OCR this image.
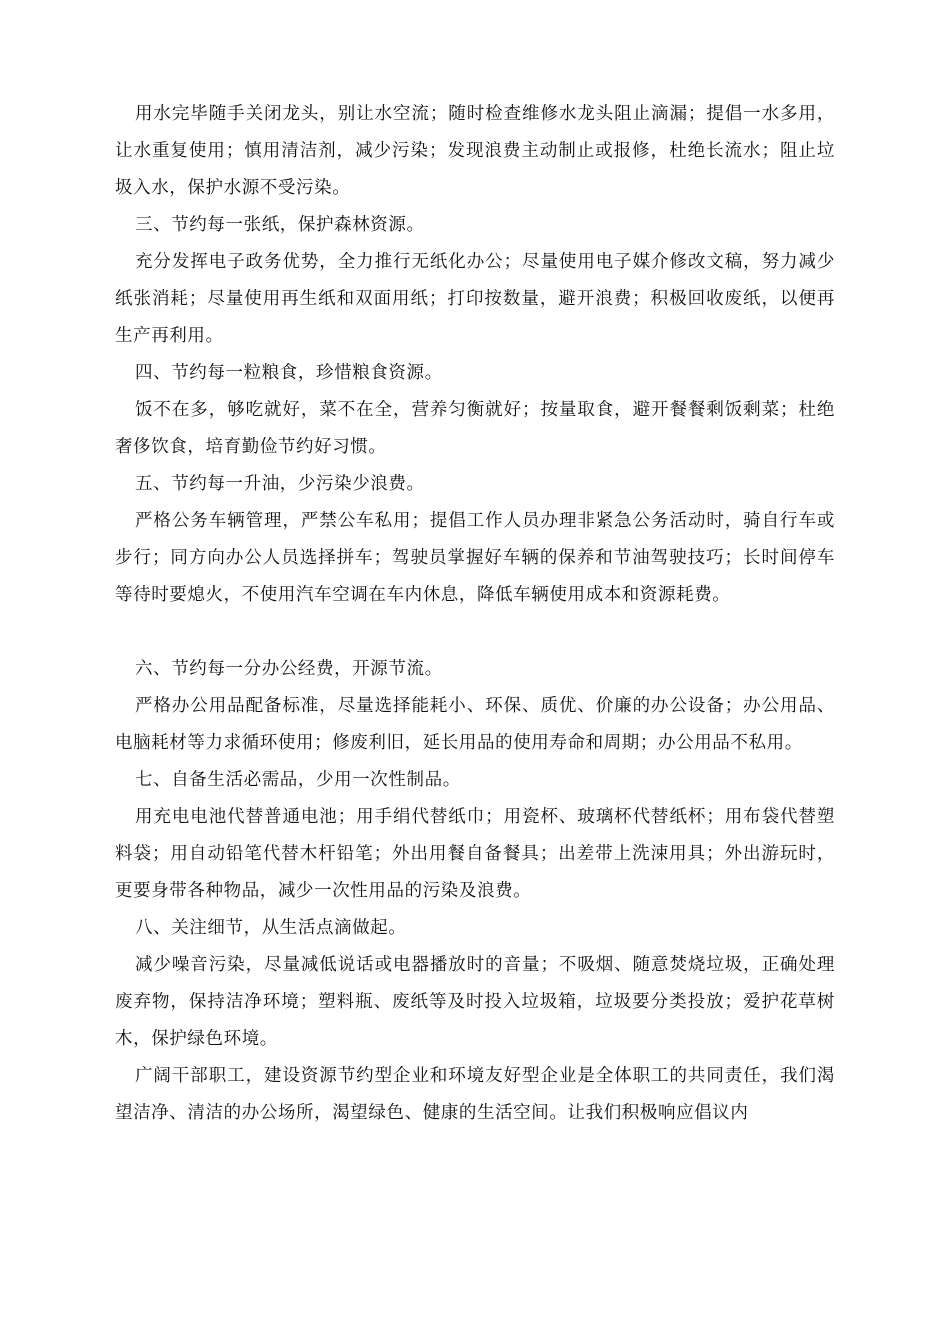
用水完毕随手关闭龙头，别让水空流；随时检查维修水龙头阻止滴漏；提倡一水多用，让水重复使用；慎用清洁剂，减少污染；发现浪费主动制止或报修，杜绝长流水；阻止垃圾入水，保护水源不受污染。

三、节约每一张纸，保护森林资源。

充分发挥电子政务优势，全力推行无纸化办公；尽量使用电子媒介修改文稿，努力减少纸张消耗；尽量使用再生纸和双面用纸；打印按数量，避开浪费；积极回收废纸，以便再生产再利用。

四、节约每一粒粮食，珍惜粮食资源。

饭不在多，够吃就好，菜不在全，营养匀衡就好；按量取食，避开餐餐剩饭剩菜；杜绝奢侈饮食，培育勤俭节约好习惯。

五、节约每一升油，少污染少浪费。

严格公务车辆管理，严禁公车私用；提倡工作人员办理非紧急公务活动时，骑自行车或步行；同方向办公人员选择拼车；驾驶员掌握好车辆的保养和节油驾驶技巧；长时间停车等待时要熄火，不使用汽车空调在车内休息，降低车辆使用成本和资源耗费。

六、节约每一分办公经费，开源节流。

严格办公用品配备标准，尽量选择能耗小、环保、质优、价廉的办公设备；办公用品、电脑耗材等力求循环使用；修废利旧，延长用品的使用寿命和周期；办公用品不私用。

七、自备生活必需品，少用一次性制品。

用充电电池代替普通电池；用手绢代替纸巾；用瓷杯、玻璃杯代替纸杯；用布袋代替塑料袋；用自动铅笔代替木杆铅笔；外出用餐自备餐具；出差带上洗涑用具；外出游玩时，更要身带各种物品，减少一次性用品的污染及浪费。

八、关注细节，从生活点滴做起。

减少噪音污染，尽量减低说话或电器播放时的音量；不吸烟、随意焚烧垃圾，正确处理废弃物，保持洁净环境；塑料瓶、废纸等及时投入垃圾箱，垃圾要分类投放；爱护花草树木，保护绿色环境。

广阔干部职工，建设资源节约型企业和环境友好型企业是全体职工的共同责任，我们渴望洁净、清洁的办公场所，渴望绿色、健康的生活空间。让我们积极响应倡议内
